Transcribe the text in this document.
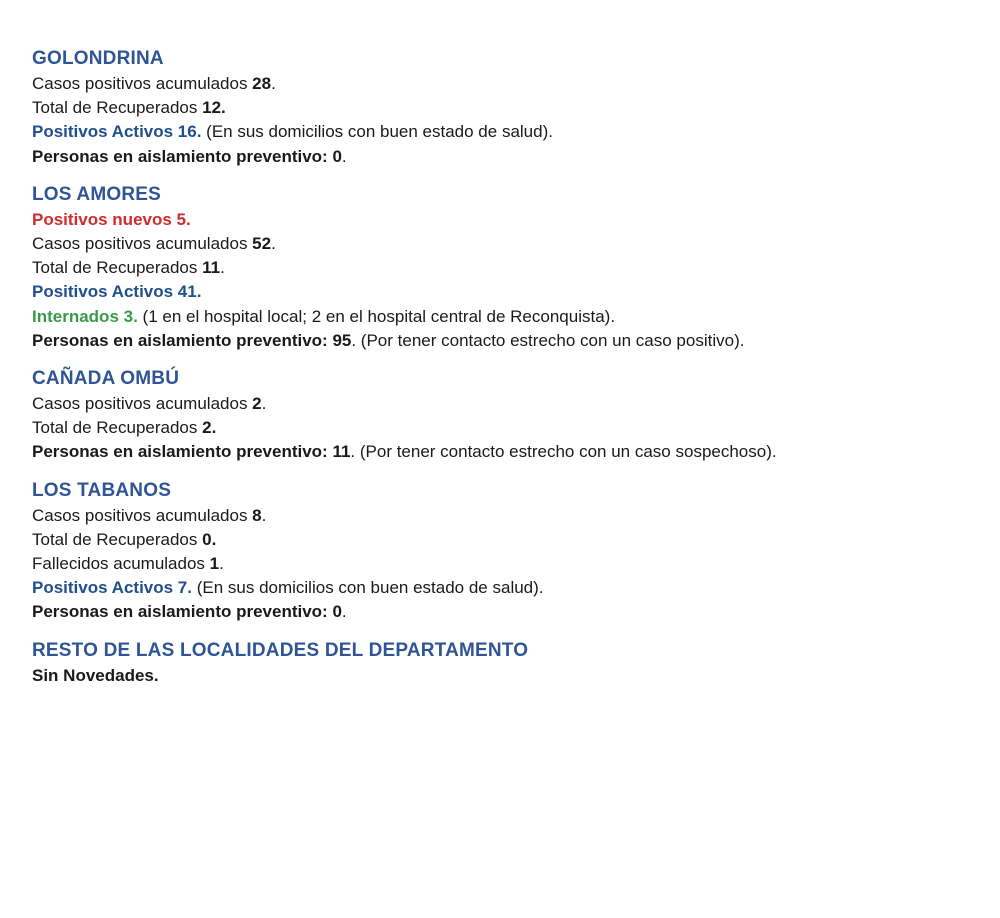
GOLONDRINA
Casos positivos acumulados 28.
Total de Recuperados 12.
Positivos Activos 16. (En sus domicilios con buen estado de salud).
Personas en aislamiento preventivo: 0.
LOS AMORES
Positivos nuevos 5.
Casos positivos acumulados 52.
Total de Recuperados 11.
Positivos Activos 41.
Internados 3. (1 en el hospital local; 2 en el hospital central de Reconquista).
Personas en aislamiento preventivo: 95. (Por tener contacto estrecho con un caso positivo).
CAÑADA OMBÚ
Casos positivos acumulados 2.
Total de Recuperados 2.
Personas en aislamiento preventivo: 11. (Por tener contacto estrecho con un caso sospechoso).
LOS TABANOS
Casos positivos acumulados 8.
Total de Recuperados 0.
Fallecidos acumulados 1.
Positivos Activos 7. (En sus domicilios con buen estado de salud).
Personas en aislamiento preventivo: 0.
RESTO DE LAS LOCALIDADES DEL DEPARTAMENTO
Sin Novedades.
